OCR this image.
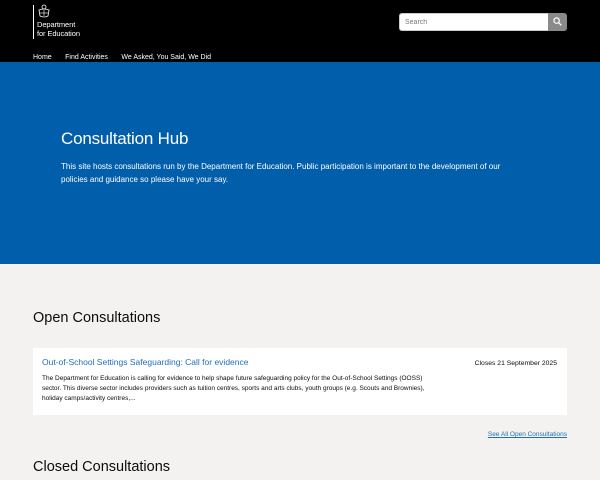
Department
for Education
Search
Home Find Activities We Asked, You Said, We Did
Consultation Hub

This site hosts consultations run by the Department for Education. Public participation is important to the development of our policies and guidance so please have your say.

Open Consultations
Out-of-School Settings Safeguarding: Call for evidence	Closes 21 September 2025

The Department for Education is calling for evidence to help shape future safeguarding policy for the Out-of-School Settings (OOSS) sector. This diverse sector includes providers such as tuition centres, sports and arts clubs, youth groups (e.g. Scouts and Brownies), holiday camps/activity centres,...

See All Open Consultations
Closed Consultations
